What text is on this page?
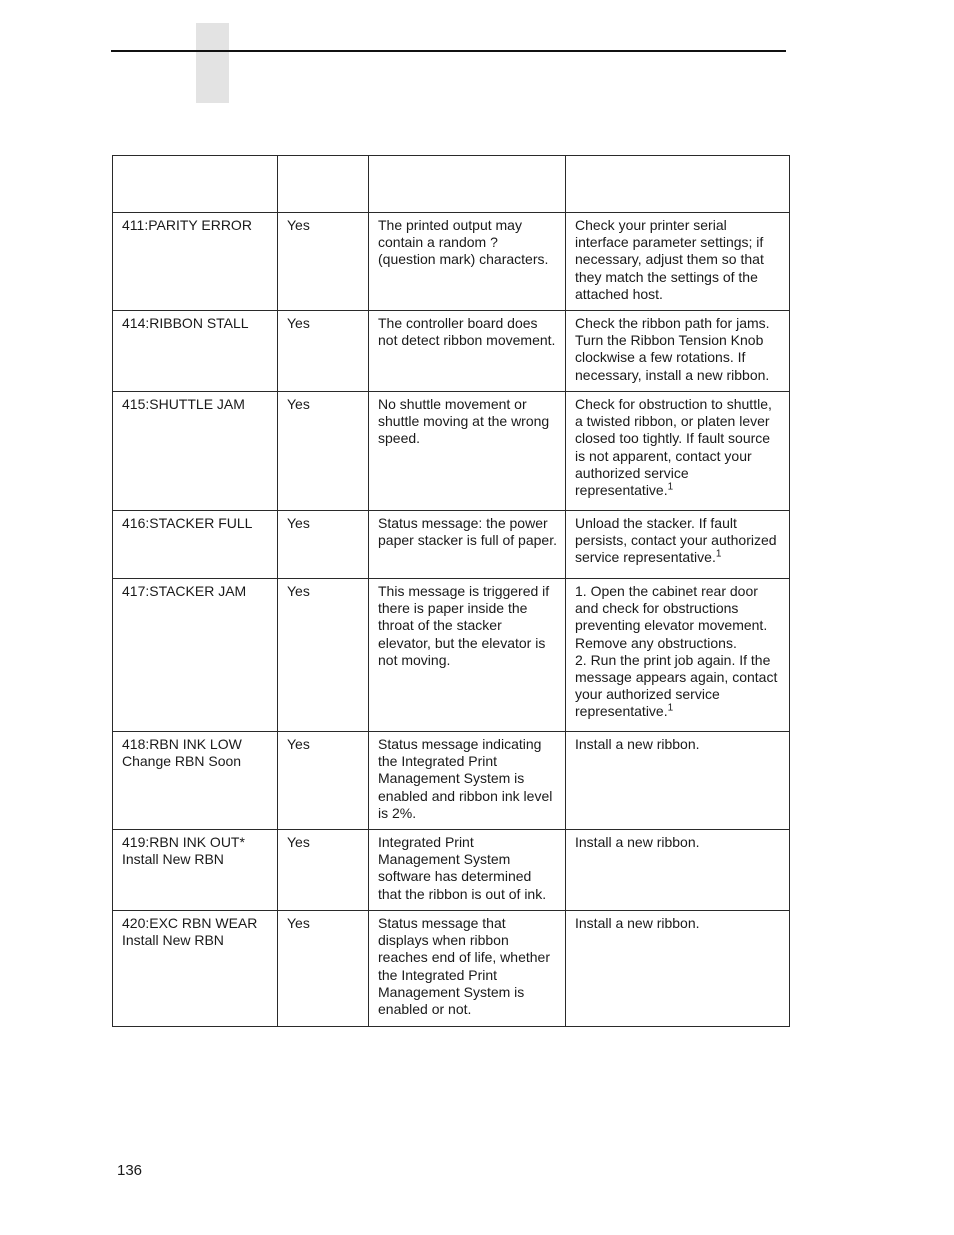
411:PARITY ERROR	Yes	The printed output may contain a random ? (question mark) characters.	Check your printer serial interface parameter settings; if necessary, adjust them so that they match the settings of the attached host.

414:RIBBON STALL	Yes	The controller board does not detect ribbon movement.	Check the ribbon path for jams. Turn the Ribbon Tension Knob clockwise a few rotations. If necessary, install a new ribbon.

415:SHUTTLE JAM	Yes	No shuttle movement or shuttle moving at the wrong speed.	Check for obstruction to shuttle, a twisted ribbon, or platen lever closed too tightly. If fault source is not apparent, contact your authorized service representative.$^1$

416:STACKER FULL	Yes	Status message: the power paper stacker is full of paper.	Unload the stacker. If fault persists, contact your authorized service representative.$^1$

417:STACKER JAM	Yes	This message is triggered if there is paper inside the throat of the stacker elevator, but the elevator is not moving.	1. Open the cabinet rear door and check for obstructions preventing elevator movement. Remove any obstructions.
2. Run the print job again. If the message appears again, contact your authorized service representative.$^1$

418:RBN INK LOW
Change RBN Soon	Yes	Status message indicating the Integrated Print Management System is enabled and ribbon ink level is 2%.	Install a new ribbon.

419:RBN INK OUT*
Install New RBN	Yes	Integrated Print Management System software has determined that the ribbon is out of ink.	Install a new ribbon.

420:EXC RBN WEAR
Install New RBN	Yes	Status message that displays when ribbon reaches end of life, whether the Integrated Print Management System is enabled or not.	Install a new ribbon.
136
